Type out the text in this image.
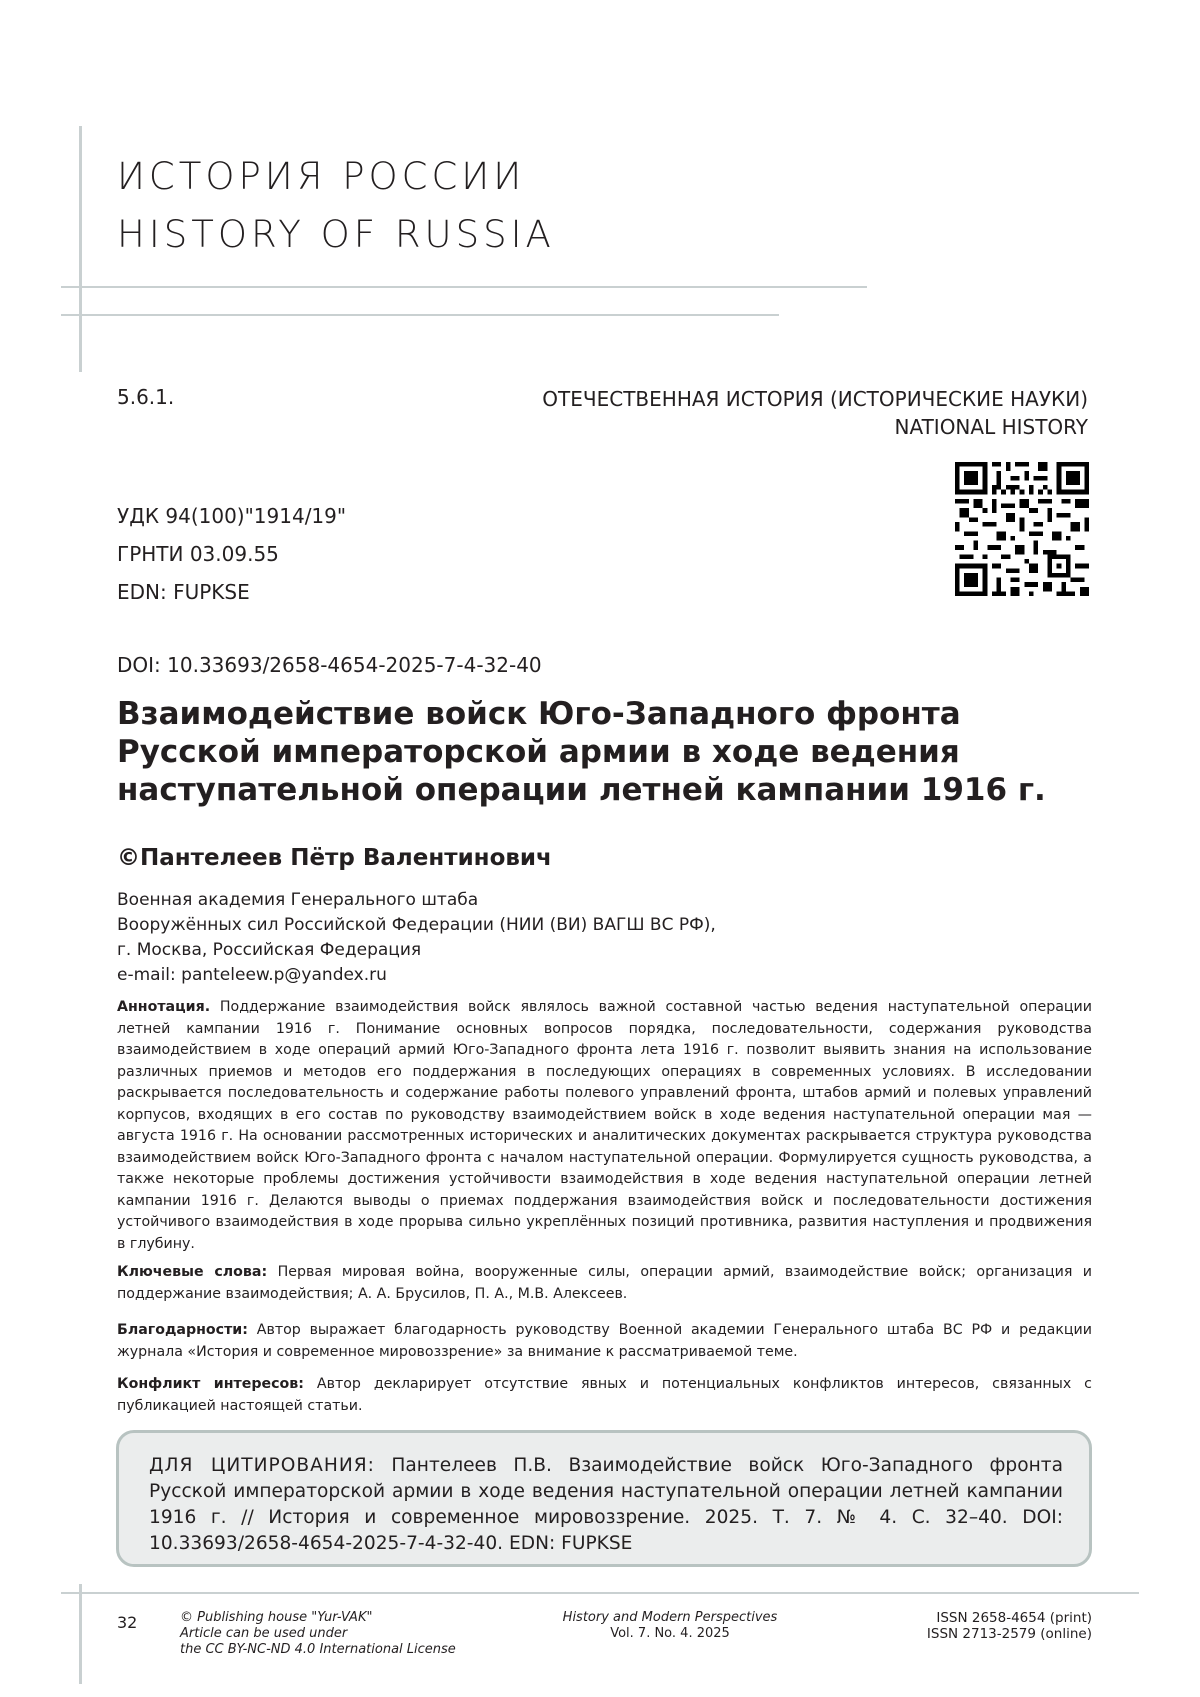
ИСТОРИЯ РОССИИ
HISTORY OF RUSSIA
5.6.1.	ОТЕЧЕСТВЕННАЯ ИСТОРИЯ (ИСТОРИЧЕСКИЕ НАУКИ)
NATIONAL HISTORY
УДК 94(100)"1914/19"
ГРНТИ 03.09.55
EDN: FUPKSE
DOI: 10.33693/2658-4654-2025-7-4-32-40
Взаимодействие войск Юго-Западного фронта
Русской императорской армии в ходе ведения
наступательной операции летней кампании 1916 г.
©Пантелеев Пётр Валентинович
Военная академия Генерального штаба
Вооружённых сил Российской Федерации (НИИ (ВИ) ВАГШ ВС РФ),
г. Москва, Российская Федерация
e-mail: panteleew.p@yandex.ru
Аннотация. Поддержание взаимодействия войск являлось важной составной частью ведения наступательной операции летней кампании 1916 г. Понимание основных вопросов порядка, последовательности, содержания руководства взаимодействием в ходе операций армий Юго-Западного фронта лета 1916 г. позволит выявить знания на использование различных приемов и методов его поддержания в последующих операциях в современных условиях. В исследовании раскрывается последовательность и содержание работы полевого управлений фронта, штабов армий и полевых управлений корпусов, входящих в его состав по руководству взаимодействием войск в ходе ведения наступательной операции мая — августа 1916 г. На основании рассмотренных исторических и аналитических документах раскрывается структура руководства взаимодействием войск Юго-Западного фронта с началом наступательной операции. Формулируется сущность руководства, а также некоторые проблемы достижения устойчивости взаимодействия в ходе ведения наступательной операции летней кампании 1916 г. Делаются выводы о приемах поддержания взаимодействия войск и последовательности достижения устойчивого взаимодействия в ходе прорыва сильно укреплённых позиций противника, развития наступления и продвижения в глубину.
Ключевые слова: Первая мировая война, вооруженные силы, операции армий, взаимодействие войск; организация и поддержание взаимодействия; А. А. Брусилов, П. А., М.В. Алексеев.
Благодарности: Автор выражает благодарность руководству Военной академии Генерального штаба ВС РФ и редакции журнала «История и современное мировоззрение» за внимание к рассматриваемой теме.
Конфликт интересов: Автор декларирует отсутствие явных и потенциальных конфликтов интересов, связанных с публикацией настоящей статьи.
ДЛЯ ЦИТИРОВАНИЯ: Пантелеев П.В. Взаимодействие войск Юго-Западного фронта Русской императорской армии в ходе ведения наступательной операции летней кампании 1916 г. // История и современное мировоззрение. 2025. Т. 7. № 4. С. 32–40. DOI: 10.33693/2658-4654-2025-7-4-32-40. EDN: FUPKSE
32	© Publishing house "Yur-VAK"
Article can be used under
the CC BY-NC-ND 4.0 International License
History and Modern Perspectives
Vol. 7. No. 4. 2025
ISSN 2658-4654 (print)
ISSN 2713-2579 (online)
